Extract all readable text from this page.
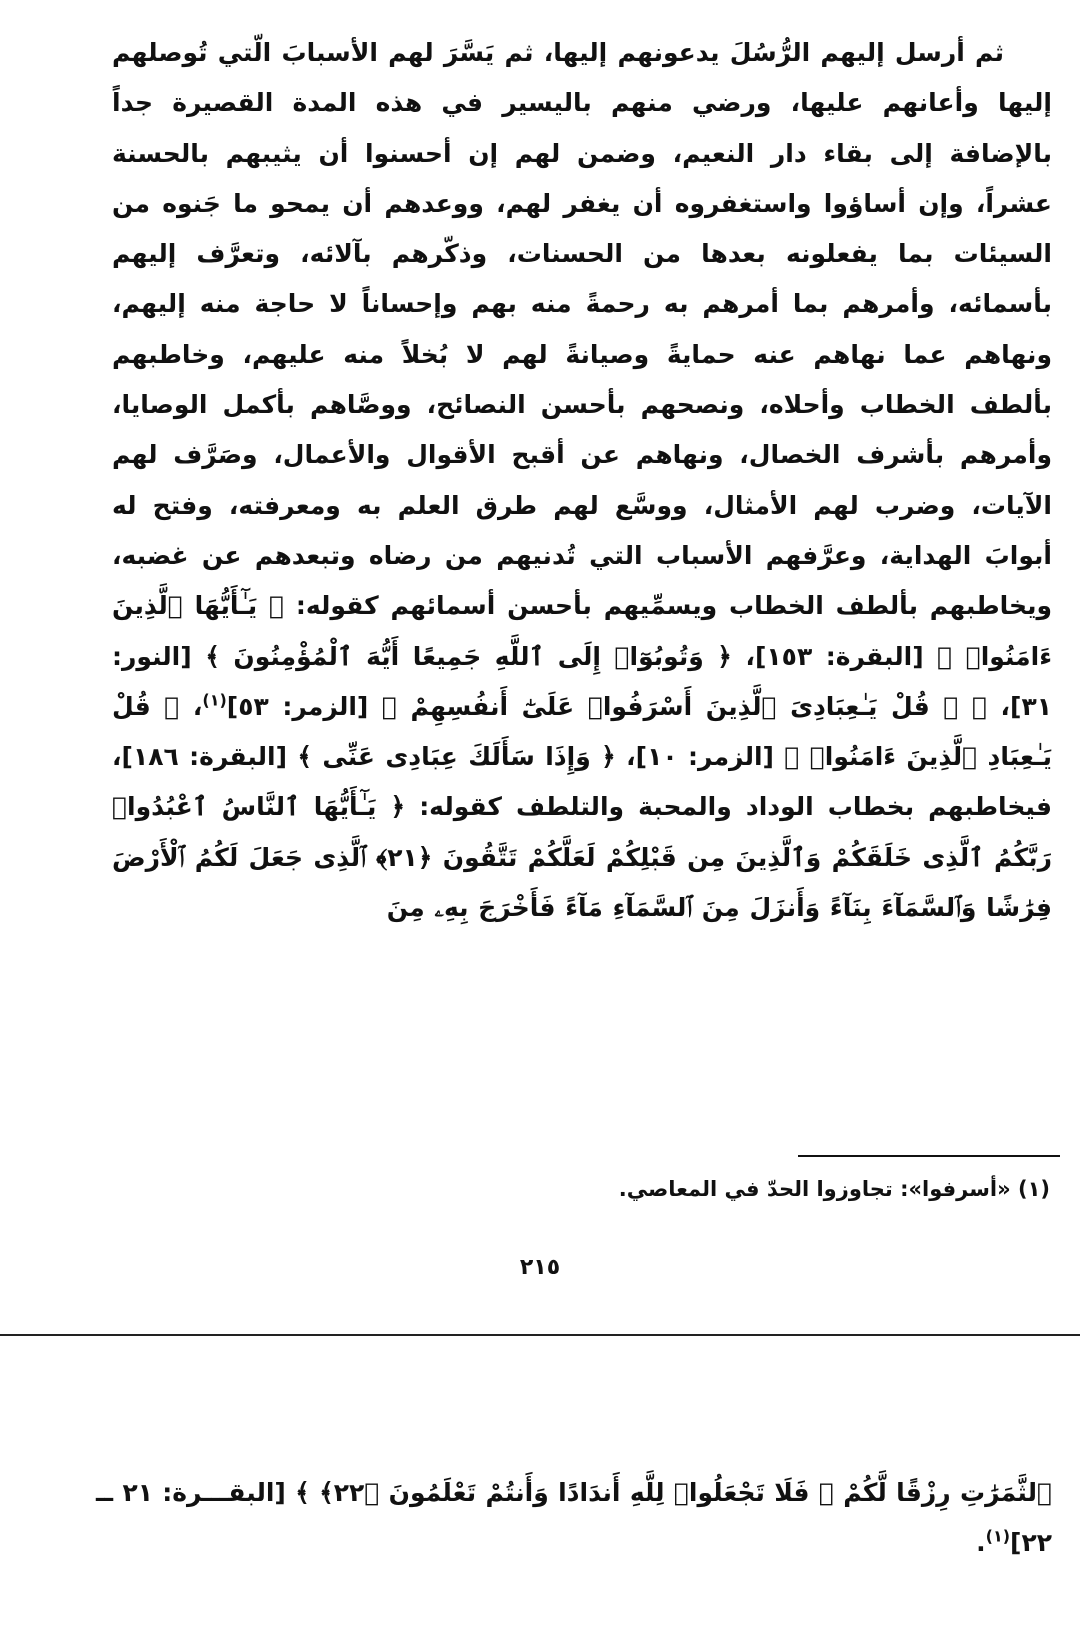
ثم أرسل إليهم الرُّسُلَ يدعونهم إليها، ثم يَسَّرَ لهم الأسبابَ الّتي تُوصلهم إليها وأعانهم عليها، ورضي منهم باليسير في هذه المدة القصيرة جداً بالإضافة إلى بقاء دار النعيم، وضمن لهم إن أحسنوا أن يثيبهم بالحسنة عشراً، وإن أساؤوا واستغفروه أن يغفر لهم، ووعدهم أن يمحو ما جَنوه من السيئات بما يفعلونه بعدها من الحسنات، وذكّرهم بآلائه، وتعرَّف إليهم بأسمائه، وأمرهم بما أمرهم به رحمةً منه بهم وإحساناً لا حاجة منه إليهم، ونهاهم عما نهاهم عنه حمايةً وصيانةً لهم لا بُخلاً منه عليهم، وخاطبهم بألطف الخطاب وأحلاه، ونصحهم بأحسن النصائح، ووصَّاهم بأكمل الوصايا، وأمرهم بأشرف الخصال، ونهاهم عن أقبح الأقوال والأعمال، وصَرَّف لهم الآيات، وضرب لهم الأمثال، ووسَّع لهم طرق العلم به ومعرفته، وفتح له أبوابَ الهداية، وعرَّفهم الأسباب التي تُدنيهم من رضاه وتبعدهم عن غضبه، ويخاطبهم بألطف الخطاب ويسمِّيهم بأحسن أسمائهم كقوله: ﴿ يَـٰٓأَيُّهَا ٱلَّذِينَ ءَامَنُوا۟ ﴾ [البقرة: ١٥٣]، ﴿ وَتُوبُوٓا۟ إِلَى ٱللَّهِ جَمِيعًا أَيُّهَ ٱلْمُؤْمِنُونَ ﴾ [النور: ٣١]، ﴿ ۞ قُلْ يَـٰعِبَادِىَ ٱلَّذِينَ أَسْرَفُوا۟ عَلَىٰٓ أَنفُسِهِمْ ﴾ [الزمر: ٥٣]$^{(١)}$، ﴿ قُلْ يَـٰعِبَادِ ٱلَّذِينَ ءَامَنُوا۟ ﴾ [الزمر: ١٠]، ﴿ وَإِذَا سَأَلَكَ عِبَادِى عَنِّى ﴾ [البقرة: ١٨٦]، فيخاطبهم بخطاب الوداد والمحبة والتلطف كقوله: ﴿ يَـٰٓأَيُّهَا ٱلنَّاسُ ٱعْبُدُوا۟ رَبَّكُمُ ٱلَّذِى خَلَقَكُمْ وَٱلَّذِينَ مِن قَبْلِكُمْ لَعَلَّكُمْ تَتَّقُونَ ﴿٢١﴾ ٱلَّذِى جَعَلَ لَكُمُ ٱلْأَرْضَ فِرَٰشًا وَٱلسَّمَآءَ بِنَآءً وَأَنزَلَ مِنَ ٱلسَّمَآءِ مَآءً فَأَخْرَجَ بِهِۦ مِنَ

(١) «أسرفوا»: تجاوزوا الحدّ في المعاصي.

٢١٥

ٱلثَّمَرَٰتِ رِزْقًا لَّكُمْ ۖ فَلَا تَجْعَلُوا۟ لِلَّهِ أَندَادًا وَأَنتُمْ تَعْلَمُونَ ﴿٢٢﴾ ﴾ [البقـــرة: ٢١ ــ ٢٢]$^{(١)}$.
